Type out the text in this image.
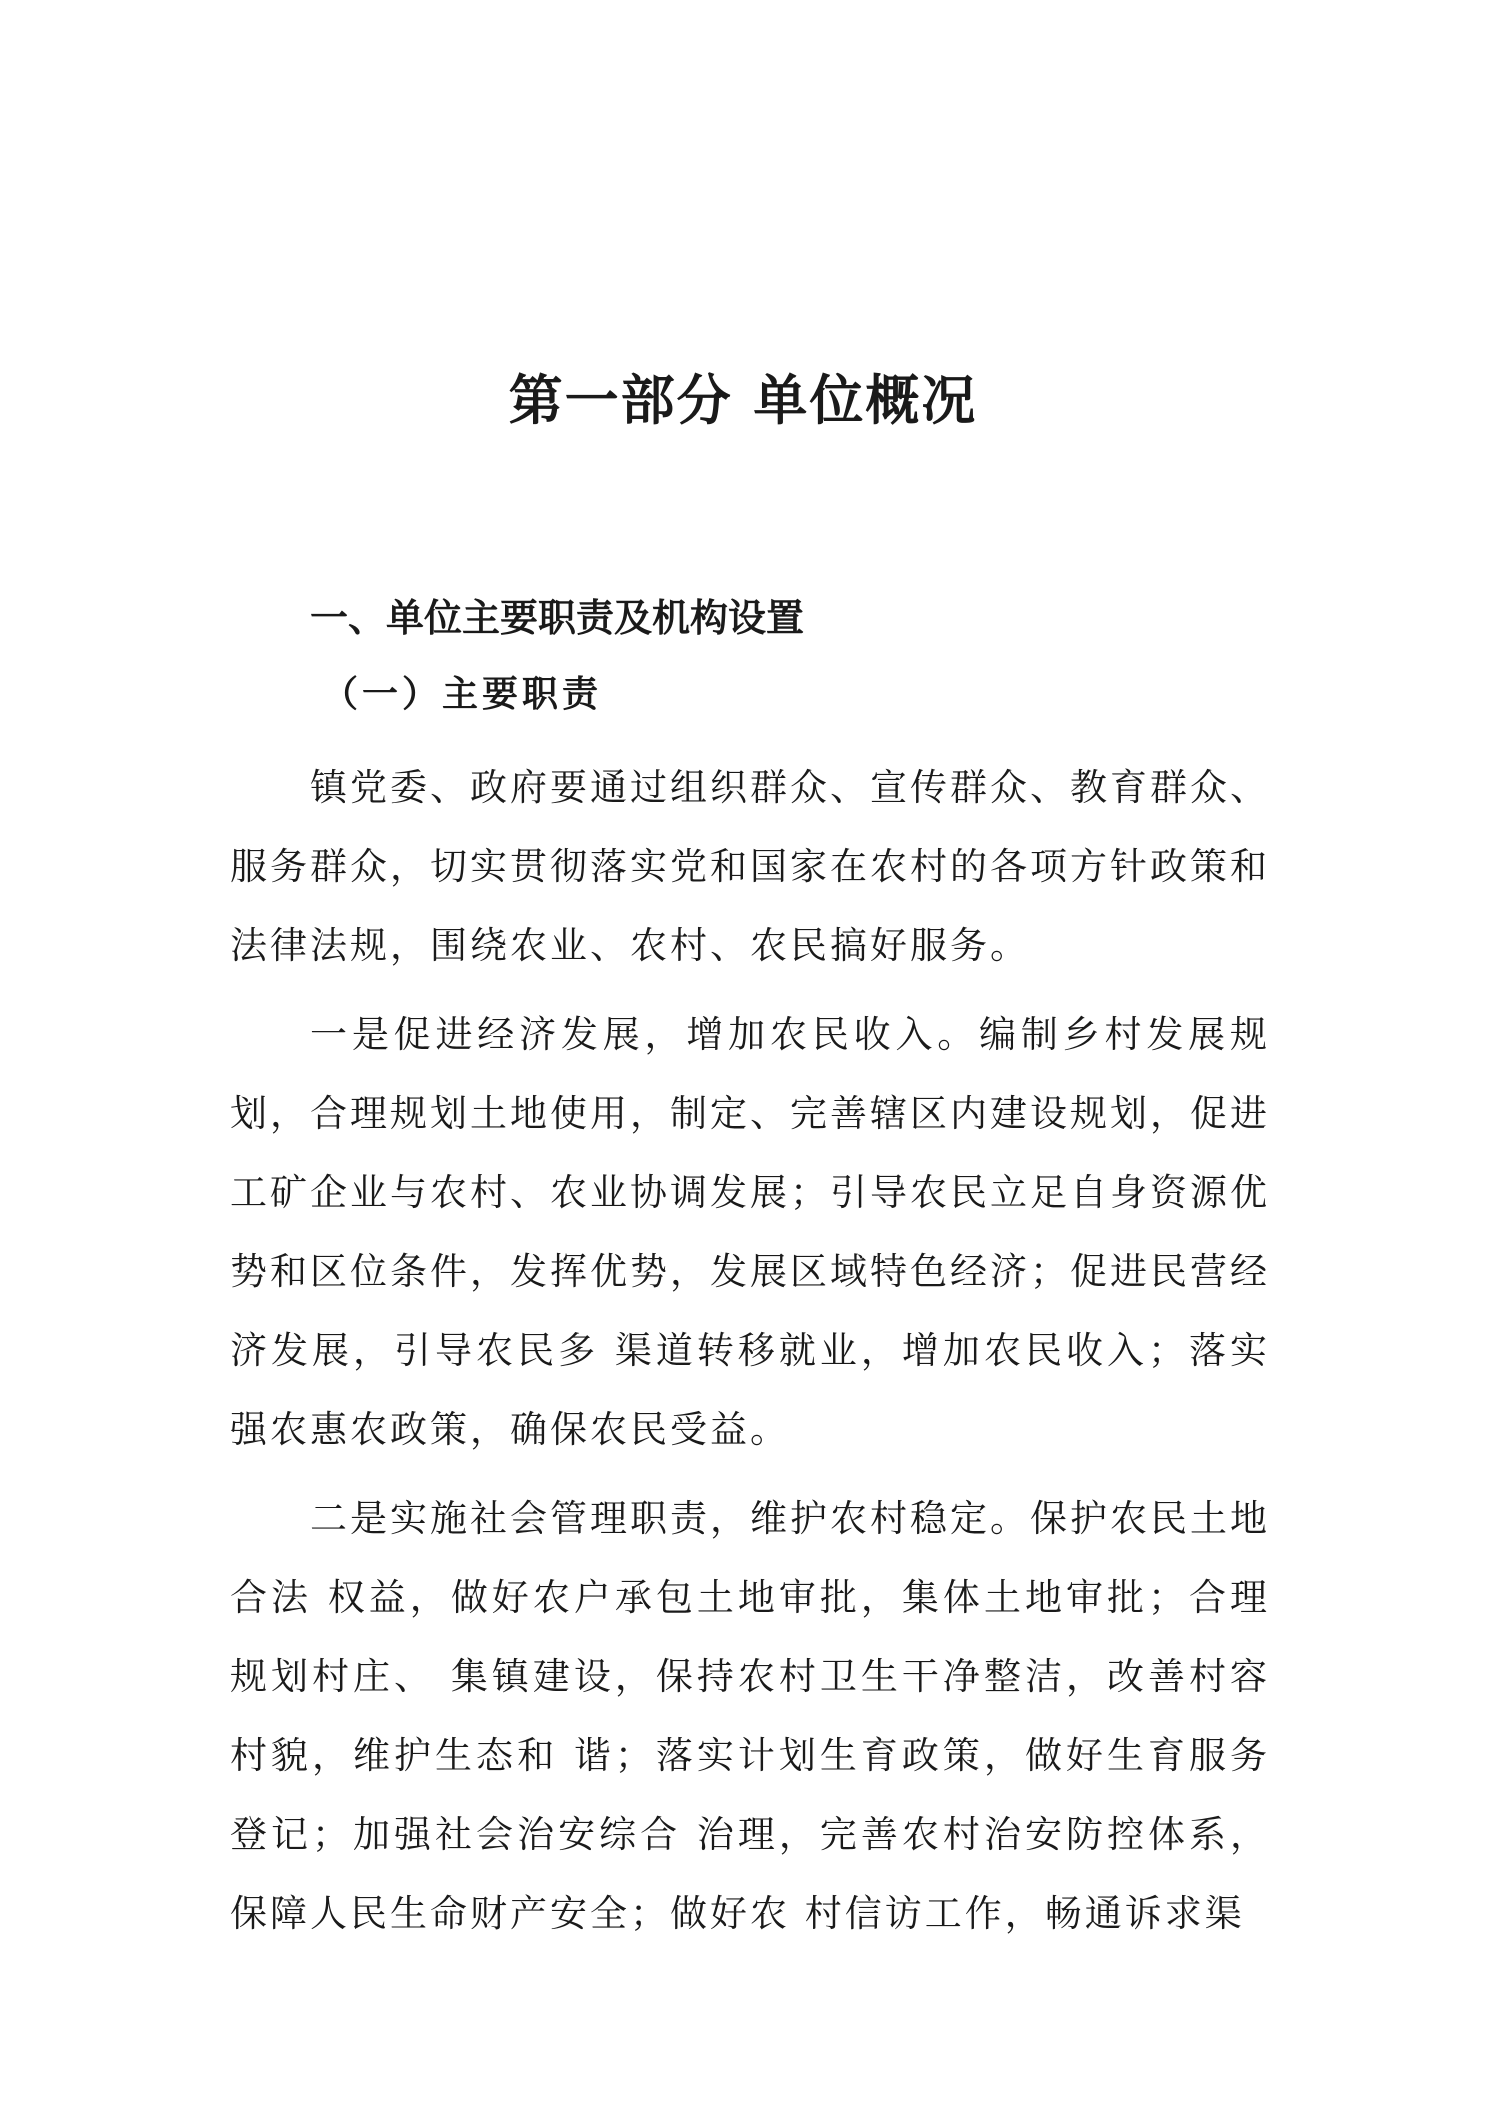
第一部分 单位概况
一、单位主要职责及机构设置
（一）主要职责

镇党委、政府要通过组织群众、宣传群众、教育群众、服务群众，切实贯彻落实党和国家在农村的各项方针政策和法律法规，围绕农业、农村、农民搞好服务。

一是促进经济发展，增加农民收入。编制乡村发展规划，合理规划土地使用，制定、完善辖区内建设规划，促进工矿企业与农村、农业协调发展；引导农民立足自身资源优势和区位条件，发挥优势，发展区域特色经济；促进民营经济发展，引导农民多 渠道转移就业，增加农民收入；落实强农惠农政策，确保农民受益。

二是实施社会管理职责，维护农村稳定。保护农民土地合法 权益，做好农户承包土地审批，集体土地审批；合理规划村庄、 集镇建设，保持农村卫生干净整洁，改善村容村貌，维护生态和 谐；落实计划生育政策，做好生育服务登记；加强社会治安综合 治理，完善农村治安防控体系，保障人民生命财产安全；做好农 村信访工作，畅通诉求渠
